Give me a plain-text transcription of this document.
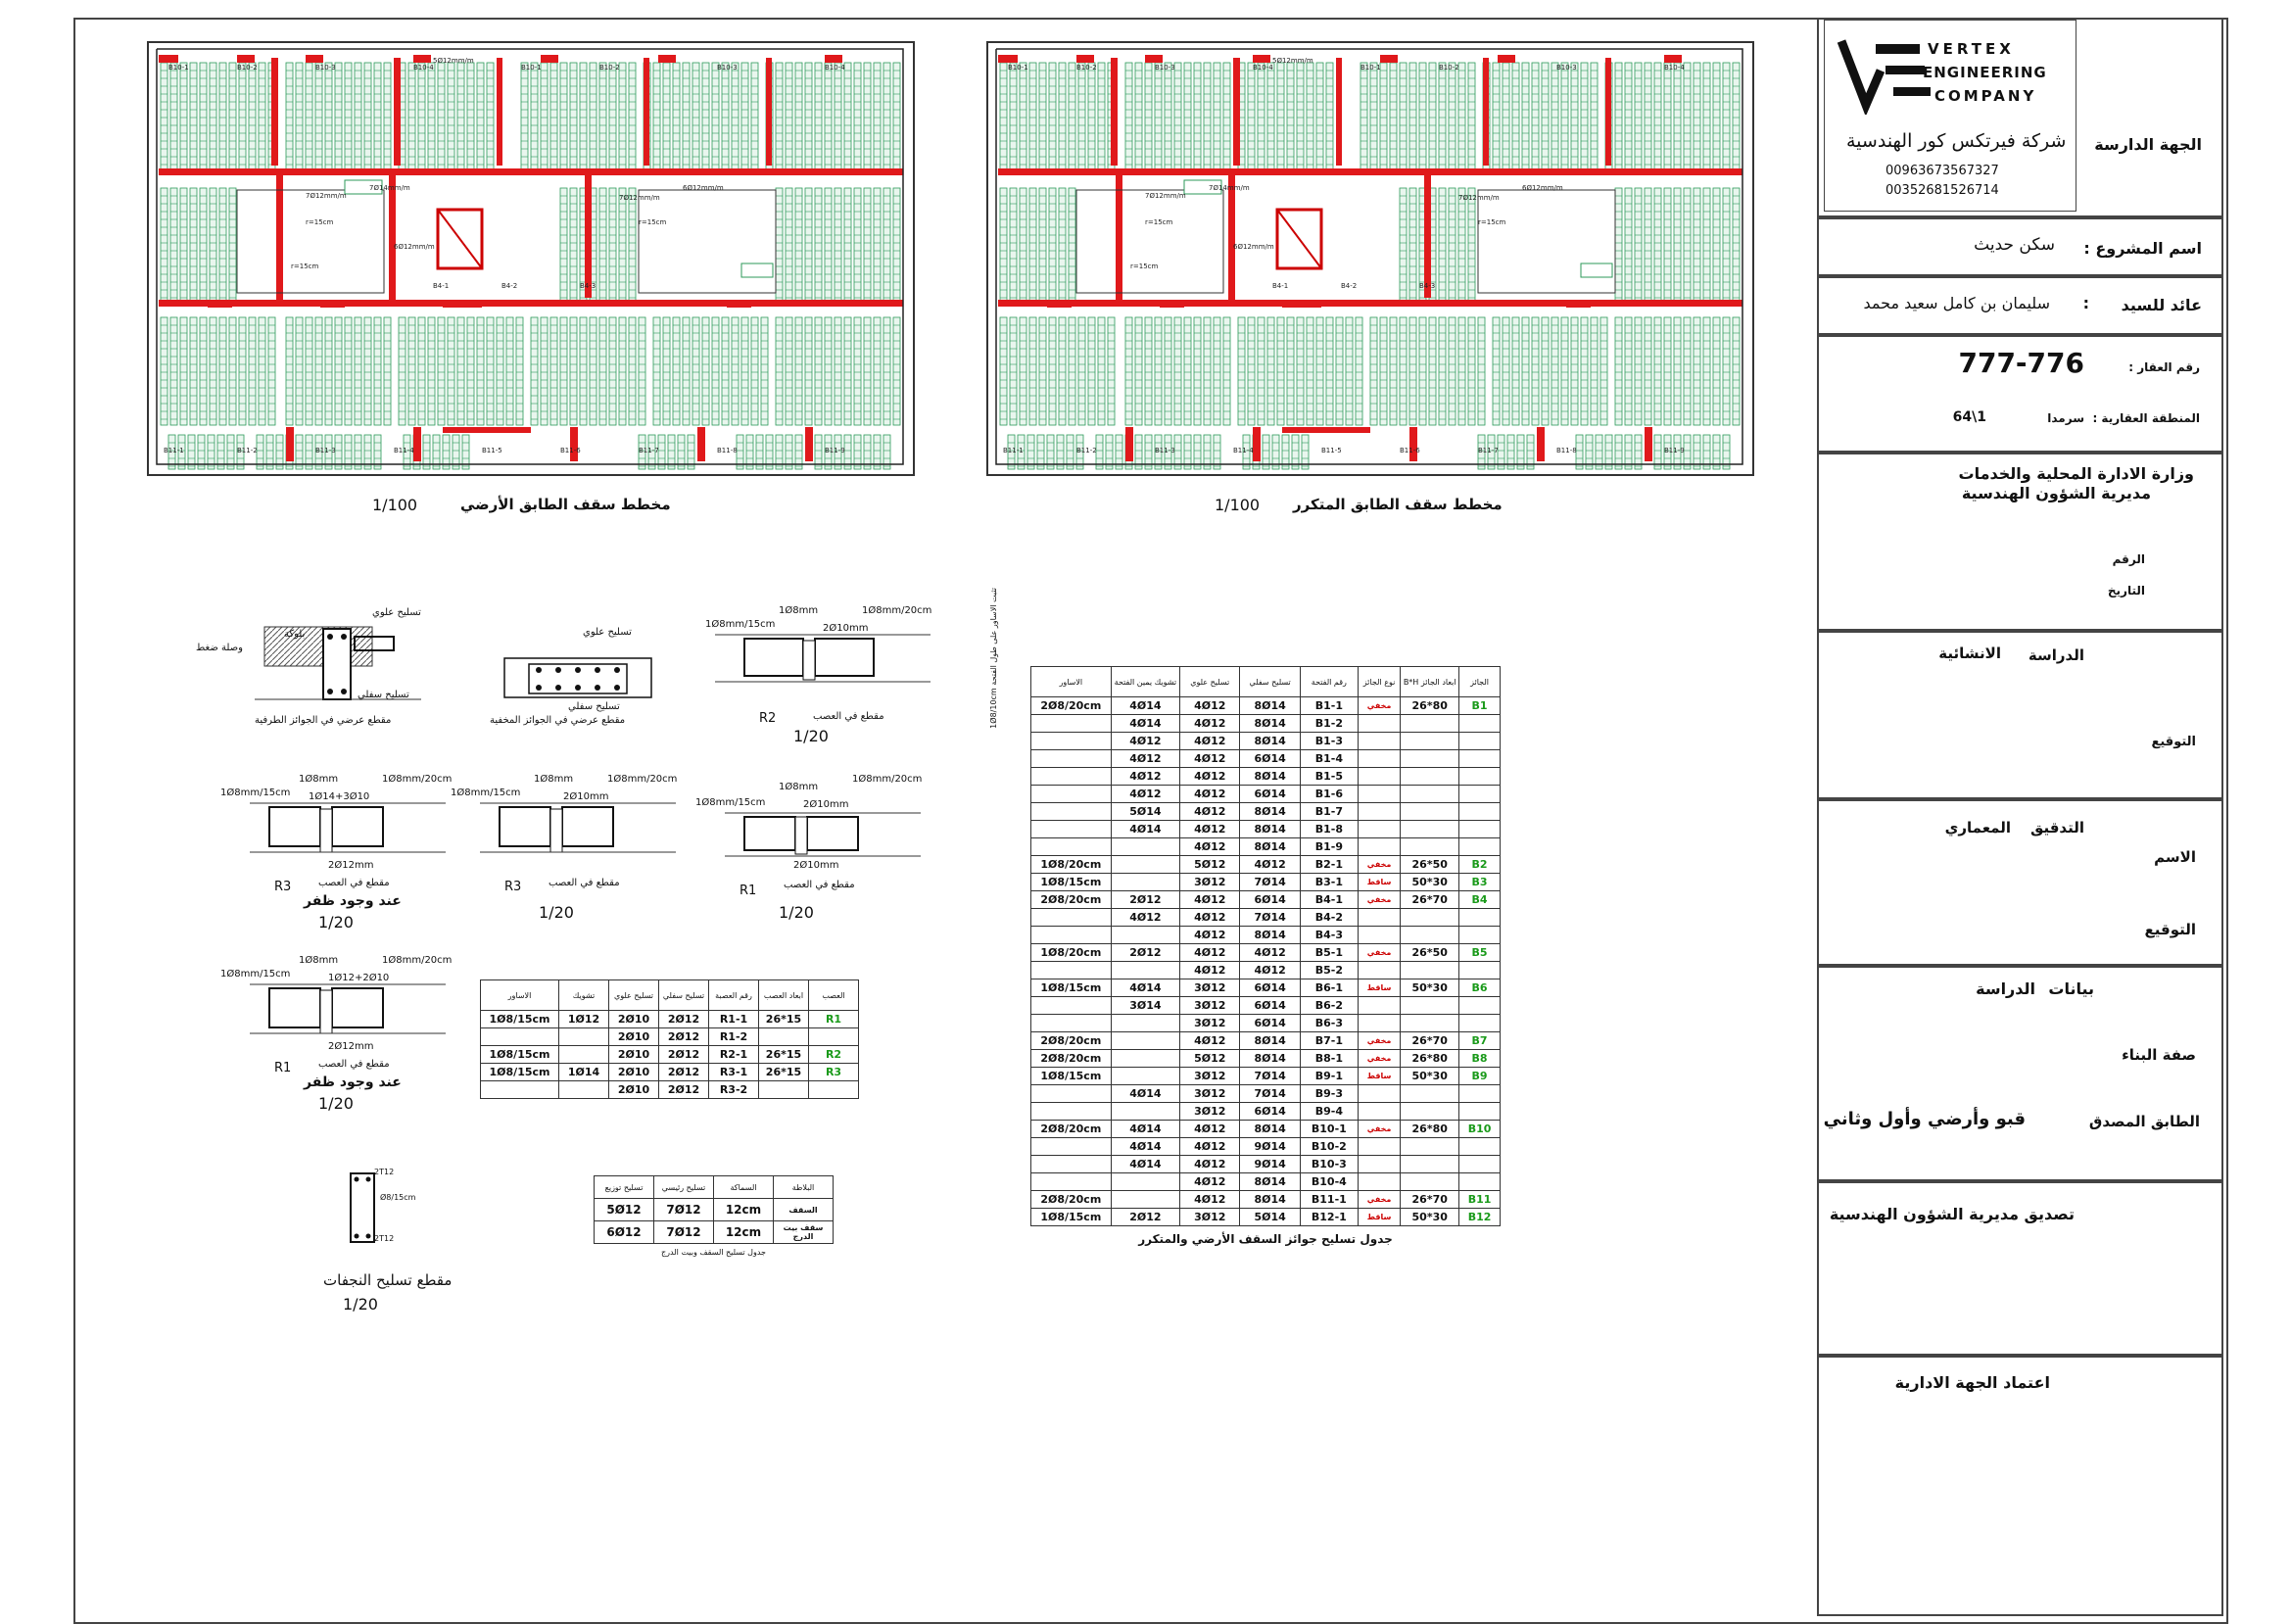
B10-1	B10-2	B10-3	B10-4	B10-1	B10-2	B10-3	B10-4
B11-1	B11-2	B11-3	B11-4	B11-5	B11-6	B11-7	B11-8	B11-9
B4-1	B4-2	B4-3
5Ø12mm/m
7Ø14mm/m
7Ø12mm/m
6Ø12mm/m
7Ø12mm/m
6Ø12mm/m
r=15cm
r=15cm
r=15cm
مخطط سقف الطابق الأرضي
1/100
B10-1	B10-2	B10-3	B10-4	B10-1	B10-2	B10-3	B10-4
B11-1	B11-2	B11-3	B11-4	B11-5	B11-6	B11-7	B11-8	B11-9
B4-1	B4-2	B4-3
5Ø12mm/m
7Ø14mm/m
7Ø12mm/m
6Ø12mm/m
7Ø12mm/m
6Ø12mm/m
r=15cm
r=15cm
r=15cm
مخطط سقف الطابق المتكرر
1/100
تسليح علوي
بلوكة
تسليح سفلي
وصلة ضغط
مقطع عرضي في الجوائز الطرفية
تسليح علوي
تسليح سفلي
مقطع عرضي في الجوائز المخفية
1Ø8mm/15cm
1Ø8mm	1Ø8mm/20cm
2Ø10mm
R2	مقطع في العصب
1/20
1Ø8mm/15cm
1Ø8mm
1Ø14+3Ø10
1Ø8mm/20cm
2Ø12mm
R3	مقطع في العصب
عند وجود ظفر
1/20
1Ø8mm/15cm
1Ø8mm
2Ø10mm
1Ø8mm/20cm
R3	مقطع في العصب
1/20
1Ø8mm/15cm
1Ø8mm
2Ø10mm
1Ø8mm/20cm
2Ø10mm
R1	مقطع في العصب
1/20
1Ø8mm/15cm
1Ø8mm
1Ø12+2Ø10
1Ø8mm/20cm
2Ø12mm
R1	مقطع في العصب
عند وجود ظفر
1/20
العصب	ابعاد العصب	رقم العصبة	تسليح سفلي	تسليح علوي	تشويك	الاساور
R1	15*26	R1-1	2Ø12	2Ø10	1Ø12	1Ø8/15cm
		R1-2	2Ø12	2Ø10		
R2	15*26	R2-1	2Ø12	2Ø10		1Ø8/15cm
R3	15*26	R3-1	2Ø12	2Ø10	1Ø14	1Ø8/15cm
		R3-2	2Ø12	2Ø10		
2T12
Ø8/15cm
2T12
مقطع تسليح النجفات
1/20
البلاطة	السماكة	تسليح رئيسي	تسليح توزيع
السقف	12cm	7Ø12	5Ø12
سقف بيت الدرج	12cm	7Ø12	6Ø12
جدول تسليح السقف وبيت الدرج
الجائز	ابعاد الجائز B*H	نوع الجائز	رقم الفتحة	تسليح سفلي	تسليح علوي	تشويك يمين الفتحة	الاساور
B1	80*26	مخفي	B1-1	8Ø14	4Ø12	4Ø14	2Ø8/20cm
			B1-2	8Ø14	4Ø12	4Ø14	
			B1-3	8Ø14	4Ø12	4Ø12	
			B1-4	6Ø14	4Ø12	4Ø12	
			B1-5	8Ø14	4Ø12	4Ø12	
			B1-6	6Ø14	4Ø12	4Ø12	
			B1-7	8Ø14	4Ø12	5Ø14	
			B1-8	8Ø14	4Ø12	4Ø14	
			B1-9	8Ø14	4Ø12		
B2	50*26	مخفي	B2-1	4Ø12	5Ø12		1Ø8/20cm
B3	30*50	ساقط	B3-1	7Ø14	3Ø12		1Ø8/15cm
B4	70*26	مخفي	B4-1	6Ø14	4Ø12	2Ø12	2Ø8/20cm
			B4-2	7Ø14	4Ø12	4Ø12	
			B4-3	8Ø14	4Ø12		
B5	50*26	مخفي	B5-1	4Ø12	4Ø12	2Ø12	1Ø8/20cm
			B5-2	4Ø12	4Ø12		
B6	30*50	ساقط	B6-1	6Ø14	3Ø12	4Ø14	1Ø8/15cm
			B6-2	6Ø14	3Ø12	3Ø14	
			B6-3	6Ø14	3Ø12		
B7	70*26	مخفي	B7-1	8Ø14	4Ø12		2Ø8/20cm
B8	80*26	مخفي	B8-1	8Ø14	5Ø12		2Ø8/20cm
B9	30*50	ساقط	B9-1	7Ø14	3Ø12		1Ø8/15cm
			B9-3	7Ø14	3Ø12	4Ø14	
			B9-4	6Ø14	3Ø12		
B10	80*26	مخفي	B10-1	8Ø14	4Ø12	4Ø14	2Ø8/20cm
			B10-2	9Ø14	4Ø12	4Ø14	
			B10-3	9Ø14	4Ø12	4Ø14	
			B10-4	8Ø14	4Ø12		
B11	70*26	مخفي	B11-1	8Ø14	4Ø12		2Ø8/20cm
B12	30*50	ساقط	B12-1	5Ø14	3Ø12	2Ø12	1Ø8/15cm
جدول تسليح جوائز السقف الأرضي والمتكرر
تثبت الاساور على طول الفتحة 1Ø8/10cm
الجهة الدارسة
VERTEX
ENGINEERING
COMPANY
شركة فيرتكس كور الهندسية
00963673567327
00352681526714
اسم المشروع :
سكن حديث
عائد للسيد
:
سليمان بن كامل سعيد محمد
رقم العقار :
777-776
المنطقة العقارية :
سرمدا
64\1
وزارة الادارة المحلية والخدمات
مديرية الشؤون الهندسية
الرقم
التاريخ
الدراسة
الانشائية
التوقيع
التدقيق
المعماري
الاسم
التوقيع
بيانات
الدراسة
صفة البناء
الطابق المصدق
قبو وأرضي وأول وثاني
تصديق مديرية الشؤون الهندسية
اعتماد الجهة الادارية
